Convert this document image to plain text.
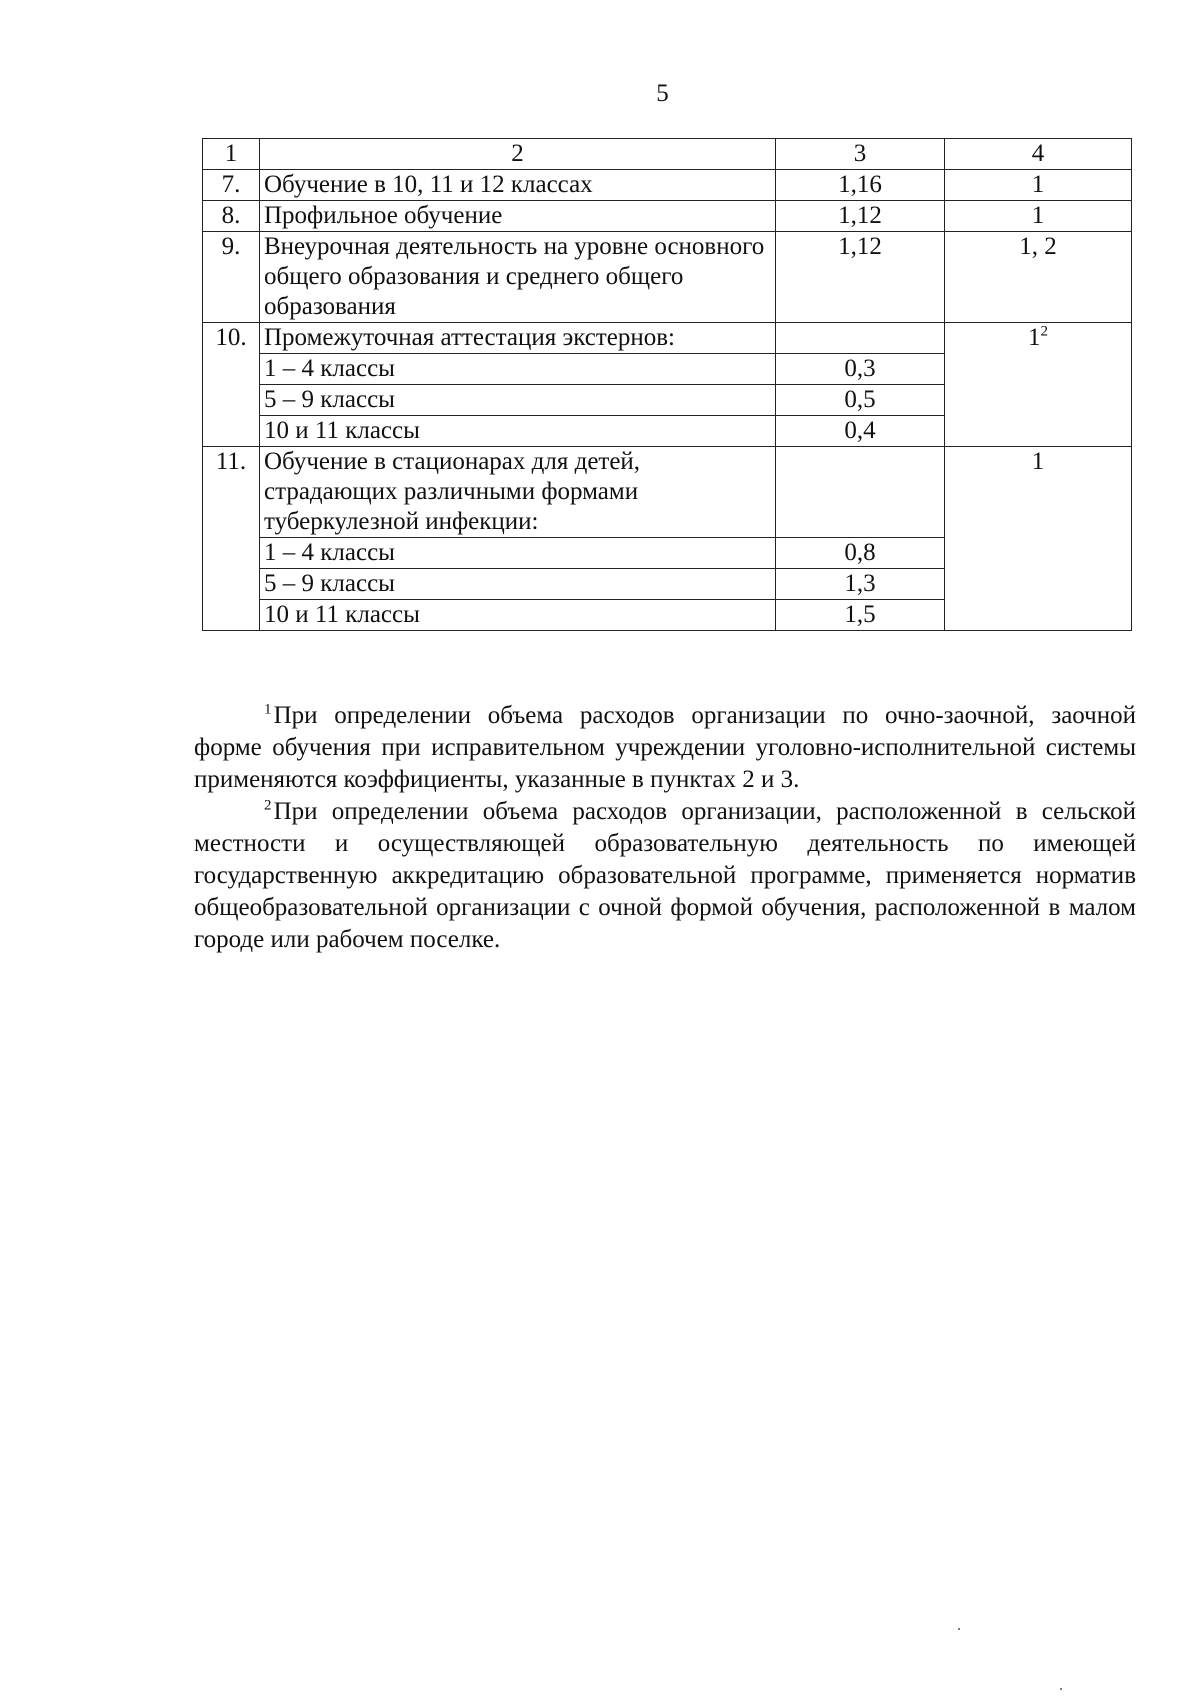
5
1	2	3	4
7.	Обучение в 10, 11 и 12 классах	1,16	1
8.	Профильное обучение	1,12	1
9.	Внеурочная деятельность на уровне основного общего образования и среднего общего образования	1,12	1, 2
10.	Промежуточная аттестация экстернов:		$1^2$
	1 – 4 классы	0,3	
	5 – 9 классы	0,5	
	10 и 11 классы	0,4	
11.	Обучение в стационарах для детей, страдающих различными формами туберкулезной инфекции:		1
	1 – 4 классы	0,8	
	5 – 9 классы	1,3	
	10 и 11 классы	1,5	

$^1$ При определении объема расходов организации по очно-заочной, заочной форме обучения при исправительном учреждении уголовно-исполнительной системы применяются коэффициенты, указанные в пунктах 2 и 3.

$^2$ При определении объема расходов организации, расположенной в сельской местности и осуществляющей образовательную деятельность по имеющей государственную аккредитацию образовательной программе, применяется норматив общеобразовательной организации с очной формой обучения, расположенной в малом городе или рабочем поселке.
